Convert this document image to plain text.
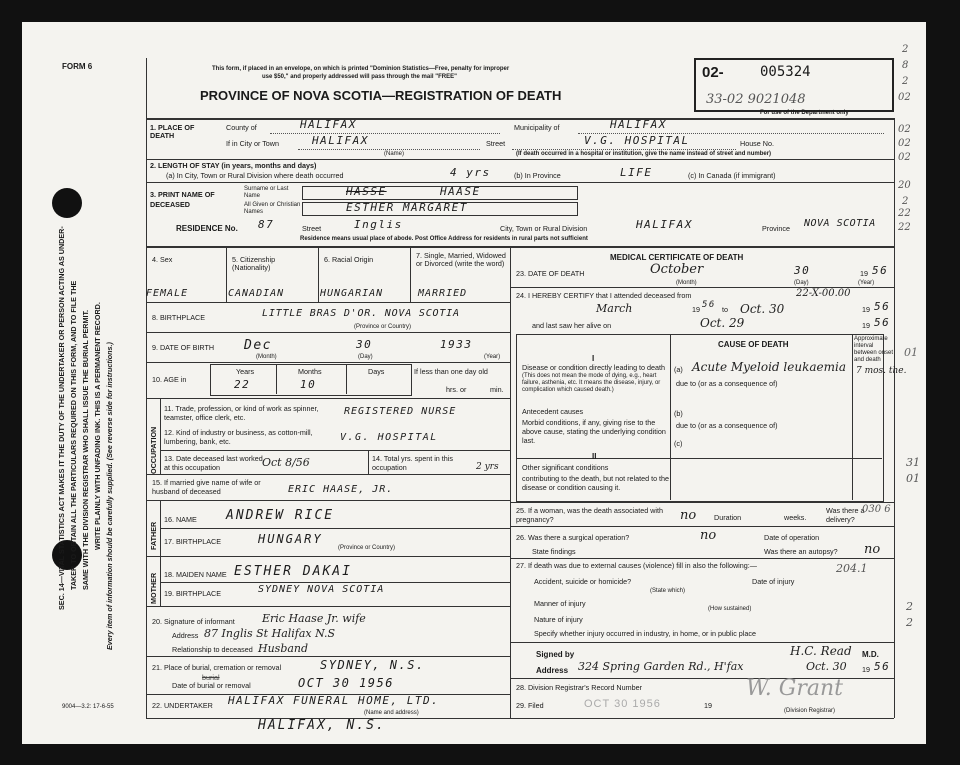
SEC. 14—VITAL STATISTICS ACT MAKES IT THE DUTY OF THE UNDERTAKER OR PERSON ACTING AS UNDER- TAKER TO OBTAIN ALL THE PARTICULARS REQUIRED ON THIS FORM, AND TO FILE THE SAME WITH THE DIVISION REGISTRAR WHO SHALL ISSUE THE BURIAL PERMIT. WRITE PLAINLY WITH UNFADING INK. THIS IS A PERMANENT RECORD. Every item of information should be carefully supplied. (See reverse side for instructions.)
FORM 6
9004—3.2: 17-6-55
This form, if placed in an envelope, on which is printed "Dominion Statistics—Free, penalty for improper
use $50," and properly addressed will pass through the mail "FREE"
PROVINCE OF NOVA SCOTIA—REGISTRATION OF DEATH
02-	005324
33-02 9021048
For use of the Department only
1. PLACE OF DEATH
County of	HALIFAX	Municipality of	HALIFAX
If in City or Town	HALIFAX
(Name)
Street	V.G. HOSPITAL	House No.
(If death occurred in a hospital or institution, give the name instead of street and number)
2. LENGTH OF STAY (in years, months and days)
(a) In City, Town or Rural Division where death occurred	4 yrs	(b) In Province	LIFE	(c) In Canada (if immigrant)
3. PRINT NAME OF DECEASED
Surname or Last Name	HASSE	HAASE
All Given or Christian Names	ESTHER MARGARET
RESIDENCE No. 87	Street	Inglis	City, Town or Rural Division	HALIFAX	Province NOVA SCOTIA
Residence means usual place of abode. Post Office Address for residents in rural parts not sufficient
4. Sex	5. Citizenship (Nationality)
6. Racial Origin	7. Single, Married, Widowed or Divorced (write the word)
FEMALE	CANADIAN	HUNGARIAN	MARRIED
8. BIRTHPLACE	LITTLE BRAS D'OR. NOVA SCOTIA
(Province or Country)
9. DATE OF BIRTH Dec	30	1933
(Month)	(Day)	(Year)
10. AGE in
Years	Months	Days
22	10
If less than one day old
hrs. or	min.
OCCUPATION
11. Trade, profession, or kind of work as spinner, teamster, office clerk, etc.
REGISTERED NURSE
12. Kind of industry or business, as cotton-mill, lumbering, bank, etc.	V.G. HOSPITAL
13. Date deceased last worked at this occupation	Oct 8/56	14. Total yrs. spent in this occupation	2 yrs
15. If married give name of wife or husband of deceased	ERIC HAASE, JR.
FATHER
MOTHER
16. NAME ANDREW RICE
17. BIRTHPLACE	HUNGARY
(Province or Country)
18. MAIDEN NAME ESTHER DAKAI
19. BIRTHPLACE	SYDNEY NOVA SCOTIA
20. Signature of informant Eric Haase Jr. wife
Address 87 Inglis St Halifax N.S
Relationship to deceased Husband
21. Place of burial, cremation or removal	SYDNEY, N.S.
Date of burial or removal
burial	OCT 30 1956
22. UNDERTAKER HALIFAX FUNERAL HOME, LTD.
(Name and address)
HALIFAX, N.S.
MEDICAL CERTIFICATE OF DEATH
23. DATE OF DEATH	October	30	19 56
(Month)	(Day)	(Year)
24. I HEREBY CERTIFY that I attended deceased from	22-X-00.00
March	19 56 to Oct. 30	19 56
and last saw her alive on	Oct. 29	19 56
CAUSE OF DEATH
Approximate interval between onset and death
I
Disease or condition directly leading to death
(This does not mean the mode of dying, e.g., heart failure, asthenia, etc. It means the disease, injury, or complication which caused death.)
(a) Acute Myeloid leukaemia 7 mos. the.
due to (or as a consequence of)
Antecedent causes
Morbid conditions, if any, giving rise to the above cause, stating the underlying condition last.
(b)
due to (or as a consequence of)
(c)
II
Other significant conditions
contributing to the death, but not related to the disease or condition causing it.
25. If a woman, was the death associated with pregnancy?	no Duration	weeks.
Was there a delivery?
26. Was there a surgical operation?	no	Date of operation
State findings	Was there an autopsy? no
27. If death was due to external causes (violence) fill in also the following:—
Accident, suicide or homicide?
(State which)
Date of injury
Manner of injury
(How sustained)
Nature of injury
Specify whether injury occurred in industry, in home, or in public place
Signed by	H.C. Read M.D.
Address 324 Spring Garden Rd., H'fax	Oct. 30 19 56
28. Division Registrar's Record Number
29. Filed	OCT 30 1956	19
(Division Registrar)
W. Grant
01
31
01
030 6
204.1
2
2
2
8
2
02
02
02
02
20
2
22
22
